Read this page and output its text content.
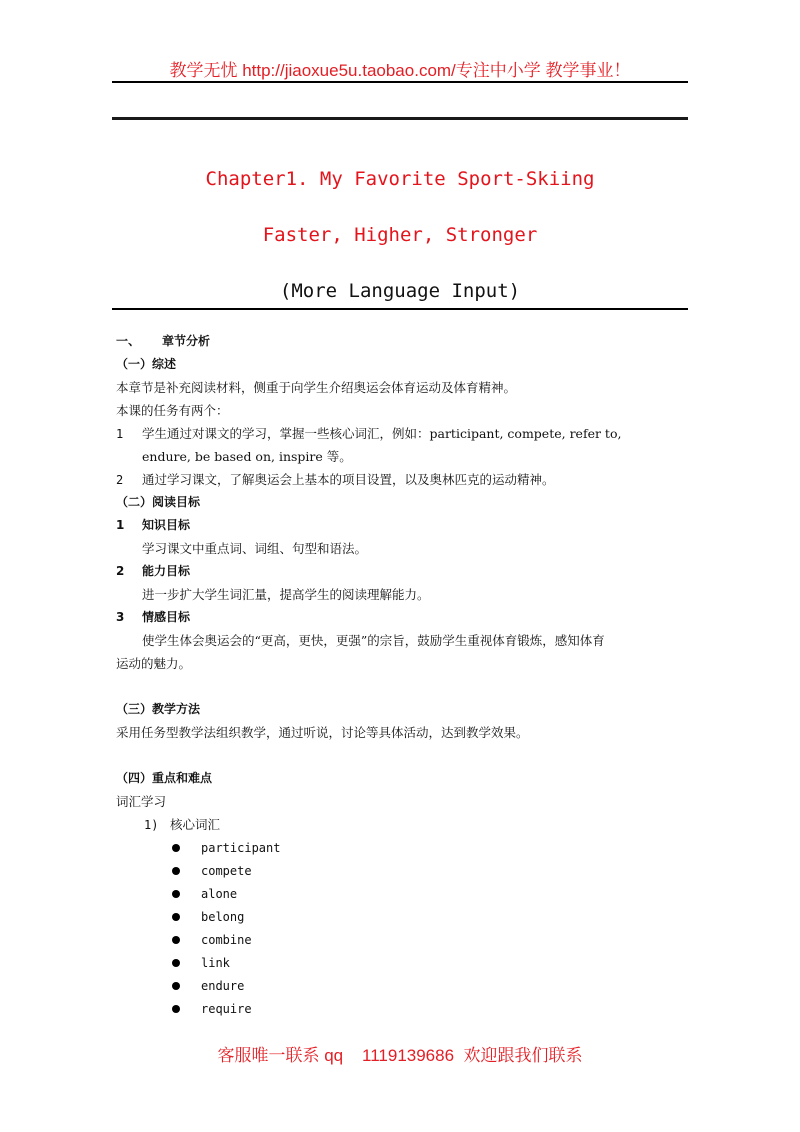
教学无忧 http://jiaoxue5u.taobao.com/专注中小学 教学事业！
Chapter1. My Favorite Sport-Skiing
Faster, Higher, Stronger
(More Language Input)
一、 章节分析
（一）综述
本章节是补充阅读材料，侧重于向学生介绍奥运会体育运动及体育精神。
本课的任务有两个：
1 学生通过对课文的学习，掌握一些核心词汇，例如：participant, compete, refer to,
endure, be based on, inspire 等。
2 通过学习课文，了解奥运会上基本的项目设置，以及奥林匹克的运动精神。
（二）阅读目标
1 知识目标
学习课文中重点词、词组、句型和语法。
2 能力目标
进一步扩大学生词汇量，提高学生的阅读理解能力。
3 情感目标
使学生体会奥运会的“更高，更快，更强”的宗旨，鼓励学生重视体育锻炼，感知体育
运动的魅力。
（三）教学方法
采用任务型教学法组织教学，通过听说，讨论等具体活动，达到教学效果。
（四）重点和难点
词汇学习
1) 核心词汇
participant
compete
alone
belong
combine
link
endure
require
客服唯一联系 qq    1119139686  欢迎跟我们联系
